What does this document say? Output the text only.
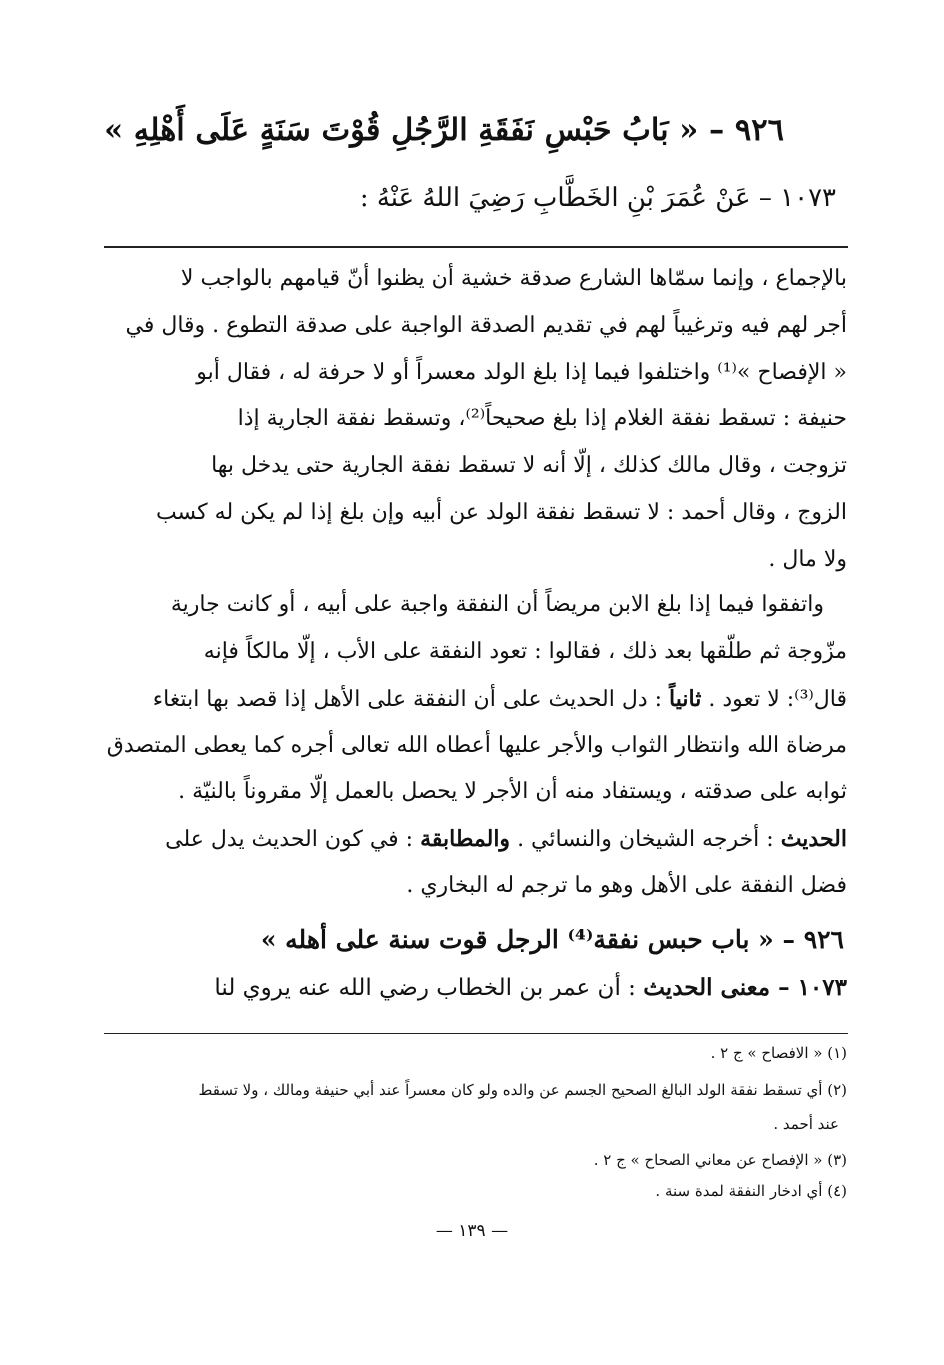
٩٢٦ – « بَابُ حَبْسِ نَفَقَةِ الرَّجُلِ قُوْتَ سَنَةٍ عَلَى أَهْلِهِ »
١٠٧٣ – عَنْ عُمَرَ بْنِ الخَطَّابِ رَضِيَ اللهُ عَنْهُ :
بالإجماع ، وإنما سمّاها الشارع صدقة خشية أن يظنوا أنّ قيامهم بالواجب لا
أجر لهم فيه وترغيباً لهم في تقديم الصدقة الواجبة على صدقة التطوع . وقال في
« الإفصاح »⁽¹⁾ واختلفوا فيما إذا بلغ الولد معسراً أو لا حرفة له ، فقال أبو
حنيفة : تسقط نفقة الغلام إذا بلغ صحيحاً⁽²⁾، وتسقط نفقة الجارية إذا
تزوجت ، وقال مالك كذلك ، إلّا أنه لا تسقط نفقة الجارية حتى يدخل بها
الزوج ، وقال أحمد : لا تسقط نفقة الولد عن أبيه وإن بلغ إذا لم يكن له كسب
ولا مال .
واتفقوا فيما إذا بلغ الابن مريضاً أن النفقة واجبة على أبيه ، أو كانت جارية
مزّوجة ثم طلّقها بعد ذلك ، فقالوا : تعود النفقة على الأب ، إلّا مالكاً فإنه
قال⁽³⁾: لا تعود . ثانياً : دل الحديث على أن النفقة على الأهل إذا قصد بها ابتغاء
مرضاة الله وانتظار الثواب والأجر عليها أعطاه الله تعالى أجره كما يعطى المتصدق
ثوابه على صدقته ، ويستفاد منه أن الأجر لا يحصل بالعمل إلّا مقروناً بالنيّة .
الحديث : أخرجه الشيخان والنسائي . والمطابقة : في كون الحديث يدل على
فضل النفقة على الأهل وهو ما ترجم له البخاري .
٩٢٦ – « باب حبس نفقة⁽⁴⁾ الرجل قوت سنة على أهله »
١٠٧٣ – معنى الحديث : أن عمر بن الخطاب رضي الله عنه يروي لنا
(١) « الافصاح » ج ٢ .
(٢) أي تسقط نفقة الولد البالغ الصحيح الجسم عن والده ولو كان معسراً عند أبي حنيفة ومالك ، ولا تسقط
عند أحمد .
(٣) « الإفصاح عن معاني الصحاح » ج ٢ .
(٤) أي ادخار النفقة لمدة سنة .
— ١٣٩ —
